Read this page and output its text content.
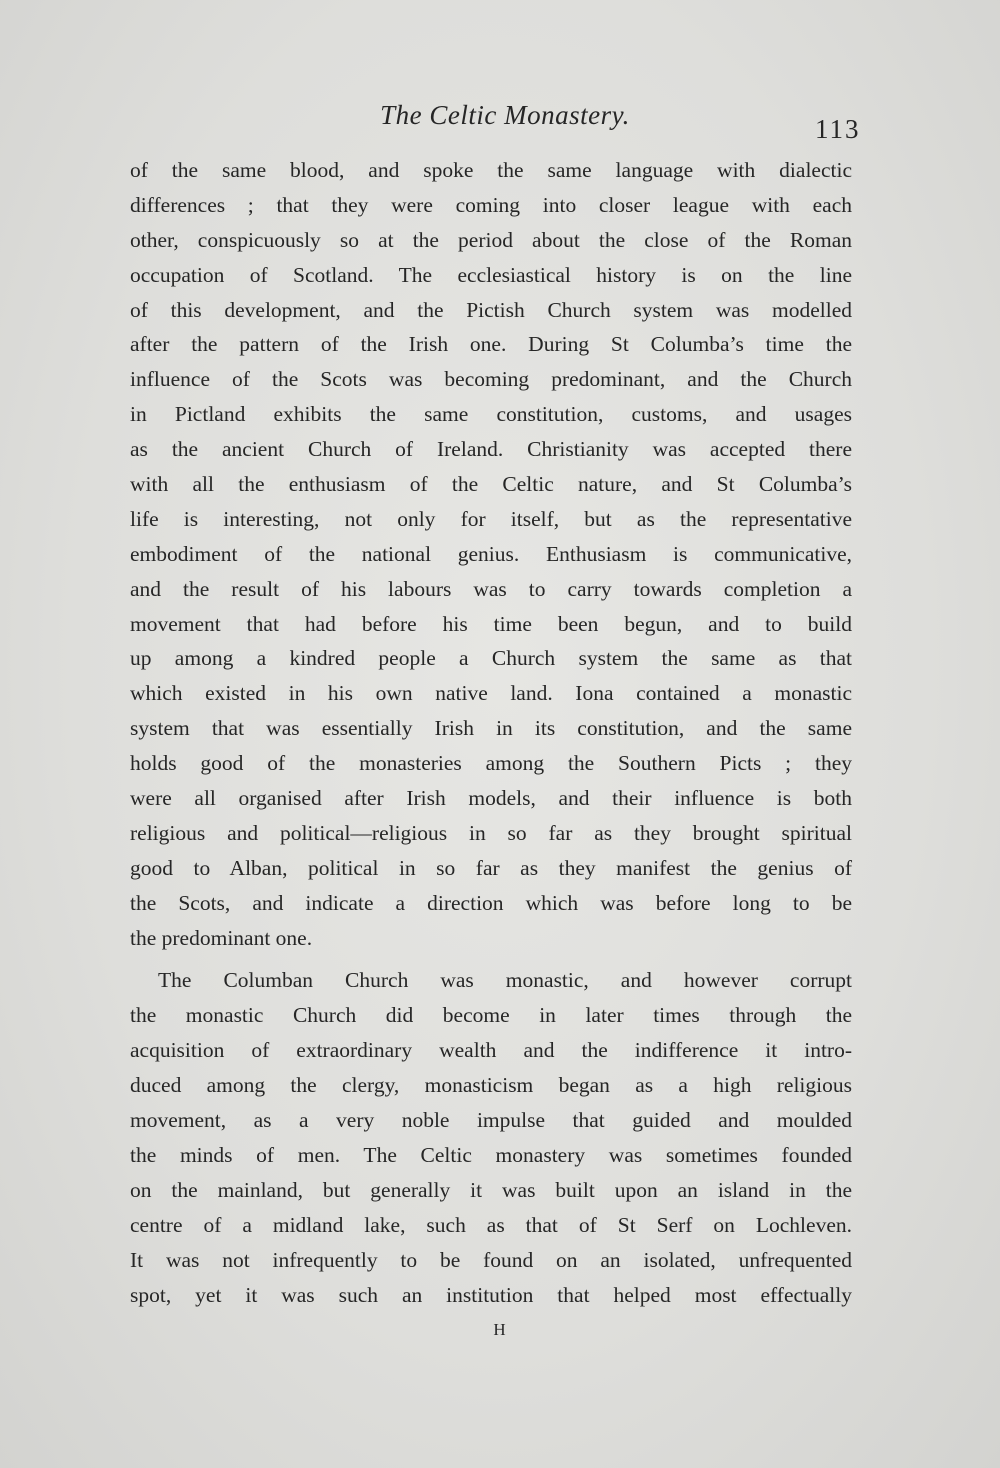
The Celtic Monastery.	113
of the same blood, and spoke the same language with dialectic
differences ; that they were coming into closer league with each
other, conspicuously so at the period about the close of the Roman
occupation of Scotland. The ecclesiastical history is on the line
of this development, and the Pictish Church system was modelled
after the pattern of the Irish one. During St Columba’s time the
influence of the Scots was becoming predominant, and the Church
in Pictland exhibits the same constitution, customs, and usages
as the ancient Church of Ireland. Christianity was accepted there
with all the enthusiasm of the Celtic nature, and St Columba’s
life is interesting, not only for itself, but as the representative
embodiment of the national genius. Enthusiasm is communicative,
and the result of his labours was to carry towards completion a
movement that had before his time been begun, and to build
up among a kindred people a Church system the same as that
which existed in his own native land. Iona contained a monastic
system that was essentially Irish in its constitution, and the same
holds good of the monasteries among the Southern Picts ; they
were all organised after Irish models, and their influence is both
religious and political—religious in so far as they brought spiritual
good to Alban, political in so far as they manifest the genius of
the Scots, and indicate a direction which was before long to be
the predominant one.
The Columban Church was monastic, and however corrupt
the monastic Church did become in later times through the
acquisition of extraordinary wealth and the indifference it intro-
duced among the clergy, monasticism began as a high religious
movement, as a very noble impulse that guided and moulded
the minds of men. The Celtic monastery was sometimes founded
on the mainland, but generally it was built upon an island in the
centre of a midland lake, such as that of St Serf on Lochleven.
It was not infrequently to be found on an isolated, unfrequented
spot, yet it was such an institution that helped most effectually
H
